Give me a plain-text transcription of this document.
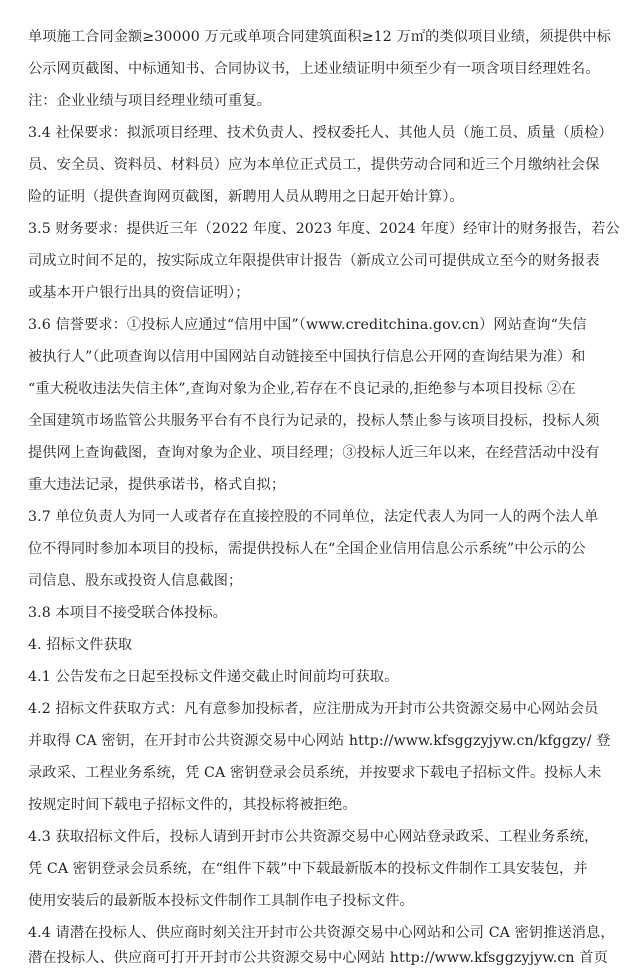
单项施工合同金额≥30000 万元或单项合同建筑面积≥12 万㎡的类似项目业绩，须提供中标
公示网页截图、中标通知书、合同协议书，上述业绩证明中须至少有一项含项目经理姓名。
注：企业业绩与项目经理业绩可重复。
3.4 社保要求：拟派项目经理、技术负责人、授权委托人、其他人员（施工员、质量（质检）
员、安全员、资料员、材料员）应为本单位正式员工，提供劳动合同和近三个月缴纳社会保
险的证明（提供查询网页截图，新聘用人员从聘用之日起开始计算）。
3.5 财务要求：提供近三年（2022 年度、2023 年度、2024 年度）经审计的财务报告，若公
司成立时间不足的，按实际成立年限提供审计报告（新成立公司可提供成立至今的财务报表
或基本开户银行出具的资信证明）；
3.6 信誉要求：①投标人应通过“信用中国”（www.creditchina.gov.cn）网站查询“失信
被执行人”（此项查询以信用中国网站自动链接至中国执行信息公开网的查询结果为准）和
“重大税收违法失信主体”,查询对象为企业,若存在不良记录的,拒绝参与本项目投标 ②在
全国建筑市场监管公共服务平台有不良行为记录的，投标人禁止参与该项目投标，投标人须
提供网上查询截图，查询对象为企业、项目经理；③投标人近三年以来，在经营活动中没有
重大违法记录，提供承诺书，格式自拟；
3.7 单位负责人为同一人或者存在直接控股的不同单位，法定代表人为同一人的两个法人单
位不得同时参加本项目的投标，需提供投标人在“全国企业信用信息公示系统”中公示的公
司信息、股东或投资人信息截图；
3.8 本项目不接受联合体投标。
4. 招标文件获取
4.1 公告发布之日起至投标文件递交截止时间前均可获取。
4.2 招标文件获取方式：凡有意参加投标者，应注册成为开封市公共资源交易中心网站会员
并取得 CA 密钥，在开封市公共资源交易中心网站 http://www.kfsggzyjyw.cn/kfggzy/ 登
录政采、工程业务系统，凭 CA 密钥登录会员系统，并按要求下载电子招标文件。投标人未
按规定时间下载电子招标文件的，其投标将被拒绝。
4.3 获取招标文件后，投标人请到开封市公共资源交易中心网站登录政采、工程业务系统，
凭 CA 密钥登录会员系统，在“组件下载”中下载最新版本的投标文件制作工具安装包，并
使用安装后的最新版本投标文件制作工具制作电子投标文件。
4.4 请潜在投标人、供应商时刻关注开封市公共资源交易中心网站和公司 CA 密钥推送消息，
潜在投标人、供应商可打开开封市公共资源交易中心网站 http://www.kfsggzyjyw.cn 首页
